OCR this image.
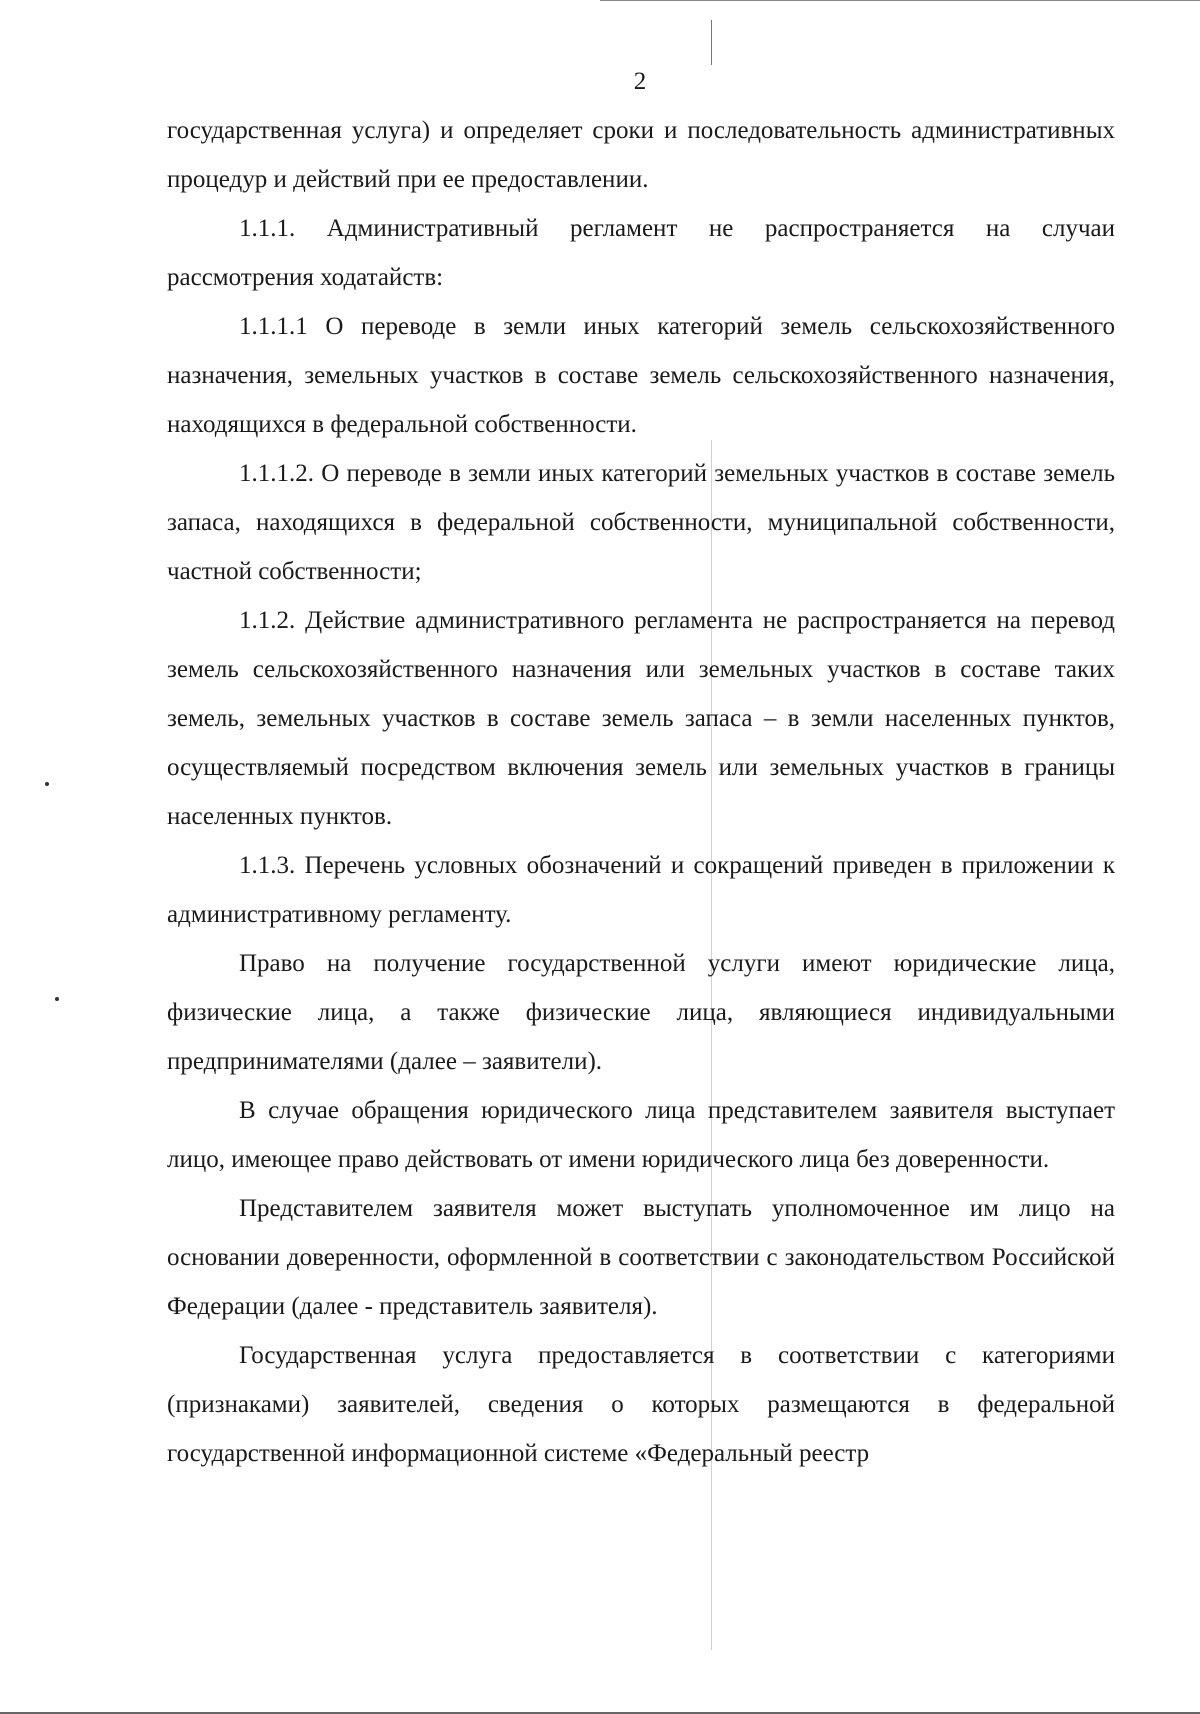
2

государственная услуга) и определяет сроки и последовательность административных процедур и действий при ее предоставлении.

1.1.1. Административный регламент не распространяется на случаи рассмотрения ходатайств:

1.1.1.1 О переводе в земли иных категорий земель сельскохозяйственного назначения, земельных участков в составе земель сельскохозяйственного назначения, находящихся в федеральной собственности.

1.1.1.2. О переводе в земли иных категорий земельных участков в составе земель запаса, находящихся в федеральной собственности, муниципальной собственности, частной собственности;

1.1.2. Действие административного регламента не распространяется на перевод земель сельскохозяйственного назначения или земельных участков в составе таких земель, земельных участков в составе земель запаса – в земли населенных пунктов, осуществляемый посредством включения земель или земельных участков в границы населенных пунктов.

1.1.3. Перечень условных обозначений и сокращений приведен в приложении к административному регламенту.

Право на получение государственной услуги имеют юридические лица, физические лица, а также физические лица, являющиеся индивидуальными предпринимателями (далее – заявители).

В случае обращения юридического лица представителем заявителя выступает лицо, имеющее право действовать от имени юридического лица без доверенности.

Представителем заявителя может выступать уполномоченное им лицо на основании доверенности, оформленной в соответствии с законодательством Российской Федерации (далее - представитель заявителя).

Государственная услуга предоставляется в соответствии с категориями (признаками) заявителей, сведения о которых размещаются в федеральной государственной информационной системе «Федеральный реестр
